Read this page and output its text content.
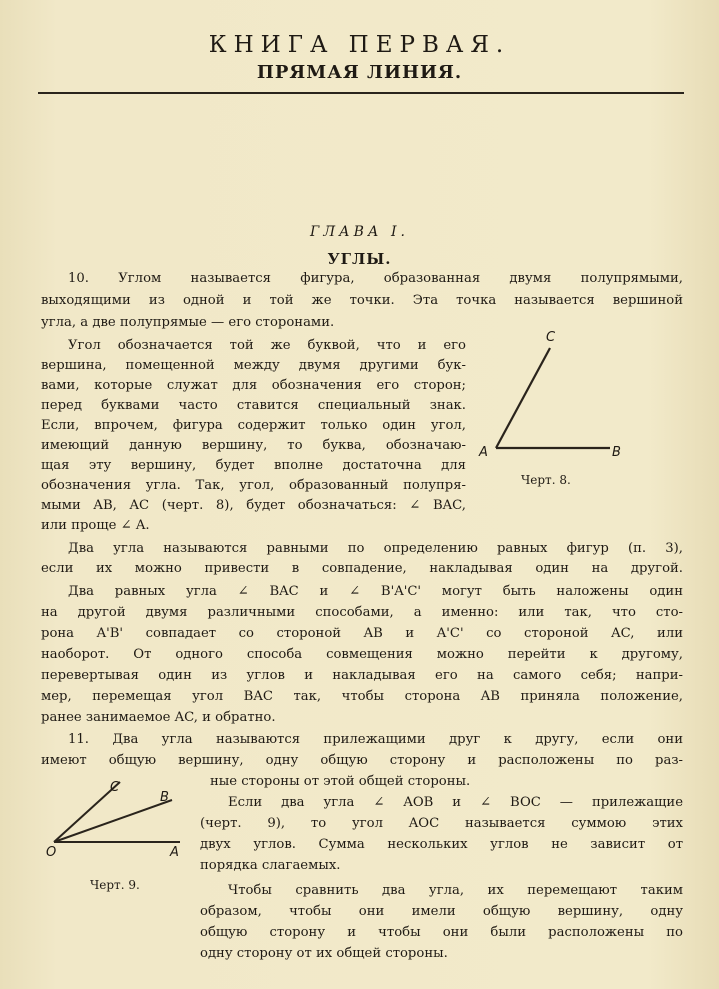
КНИГА ПЕРВАЯ.
ПРЯМАЯ ЛИНИЯ.
ГЛАВА I.
УГЛЫ.
10. Углом называется фигура, образованная двумя полупрямыми,
выходящими из одной и той же точки. Эта точка называется вершиной
угла, а две полупрямые — его сторонами.
Угол обозначается той же буквой, что и его
вершина, помещенной между двумя другими бук-
вами, которые служат для обозначения его сторон;
перед буквами часто ставится специальный знак.
Если, впрочем, фигура содержит только один угол,
имеющий данную вершину, то буква, обозначаю-
щая эту вершину, будет вполне достаточна для
обозначения угла. Так, угол, образованный полупря-
мыми AB, AC (черт. 8), будет обозначаться: ∠ BAC,
или проще ∠ A.
C
A	B
Черт. 8.
Два угла называются равными по определению равных фигур (п. 3),
если их можно привести в совпадение, накладывая один на другой.
Два равных угла ∠ BAC и ∠ B'A'C' могут быть наложены один
на другой двумя различными способами, а именно: или так, что сто-
рона A'B' совпадает со стороной AB и A'C' со стороной AC, или
наоборот. От одного способа совмещения можно перейти к другому,
перевертывая один из углов и накладывая его на самого себя; напри-
мер, перемещая угол BAC так, чтобы сторона AB приняла положение,
ранее занимаемое AC, и обратно.
11. Два угла называются прилежащими друг к другу, если они
имеют общую вершину, одну общую сторону и расположены по раз-
ные стороны от этой общей стороны.
Если два угла ∠ AOB и ∠ BOC — прилежащие
(черт. 9), то угол AOC называется суммою этих
двух углов. Сумма нескольких углов не зависит от
порядка слагаемых.
Чтобы сравнить два угла, их перемещают таким
образом, чтобы они имели общую вершину, одну
общую сторону и чтобы они были расположены по
одну сторону от их общей стороны.
C
B
O	A
Черт. 9.
